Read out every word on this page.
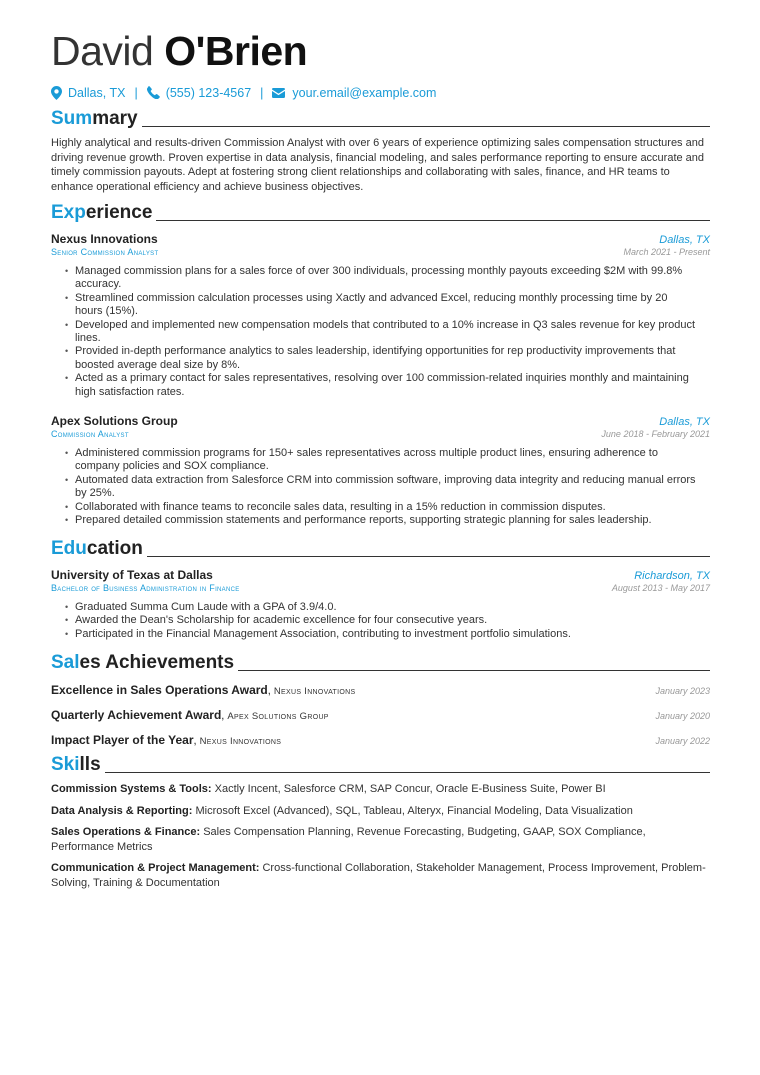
David O'Brien
Dallas, TX | (555) 123-4567 | your.email@example.com
Summary
Highly analytical and results-driven Commission Analyst with over 6 years of experience optimizing sales compensation structures and driving revenue growth. Proven expertise in data analysis, financial modeling, and sales performance reporting to ensure accurate and timely commission payouts. Adept at fostering strong client relationships and collaborating with sales, finance, and HR teams to enhance operational efficiency and achieve business objectives.
Experience
Nexus Innovations	Dallas, TX
Senior Commission Analyst	March 2021 - Present
• Managed commission plans for a sales force of over 300 individuals, processing monthly payouts exceeding $2M with 99.8% accuracy.
• Streamlined commission calculation processes using Xactly and advanced Excel, reducing monthly processing time by 20 hours (15%).
• Developed and implemented new compensation models that contributed to a 10% increase in Q3 sales revenue for key product lines.
• Provided in-depth performance analytics to sales leadership, identifying opportunities for rep productivity improvements that boosted average deal size by 8%.
• Acted as a primary contact for sales representatives, resolving over 100 commission-related inquiries monthly and maintaining high satisfaction rates.
Apex Solutions Group	Dallas, TX
Commission Analyst	June 2018 - February 2021
• Administered commission programs for 150+ sales representatives across multiple product lines, ensuring adherence to company policies and SOX compliance.
• Automated data extraction from Salesforce CRM into commission software, improving data integrity and reducing manual errors by 25%.
• Collaborated with finance teams to reconcile sales data, resulting in a 15% reduction in commission disputes.
• Prepared detailed commission statements and performance reports, supporting strategic planning for sales leadership.
Education
University of Texas at Dallas	Richardson, TX
Bachelor of Business Administration in Finance	August 2013 - May 2017
• Graduated Summa Cum Laude with a GPA of 3.9/4.0.
• Awarded the Dean's Scholarship for academic excellence for four consecutive years.
• Participated in the Financial Management Association, contributing to investment portfolio simulations.
Sales Achievements
Excellence in Sales Operations Award, Nexus Innovations	January 2023
Quarterly Achievement Award, Apex Solutions Group	January 2020
Impact Player of the Year, Nexus Innovations	January 2022
Skills
Commission Systems & Tools: Xactly Incent, Salesforce CRM, SAP Concur, Oracle E-Business Suite, Power BI
Data Analysis & Reporting: Microsoft Excel (Advanced), SQL, Tableau, Alteryx, Financial Modeling, Data Visualization
Sales Operations & Finance: Sales Compensation Planning, Revenue Forecasting, Budgeting, GAAP, SOX Compliance, Performance Metrics
Communication & Project Management: Cross-functional Collaboration, Stakeholder Management, Process Improvement, Problem-Solving, Training & Documentation
